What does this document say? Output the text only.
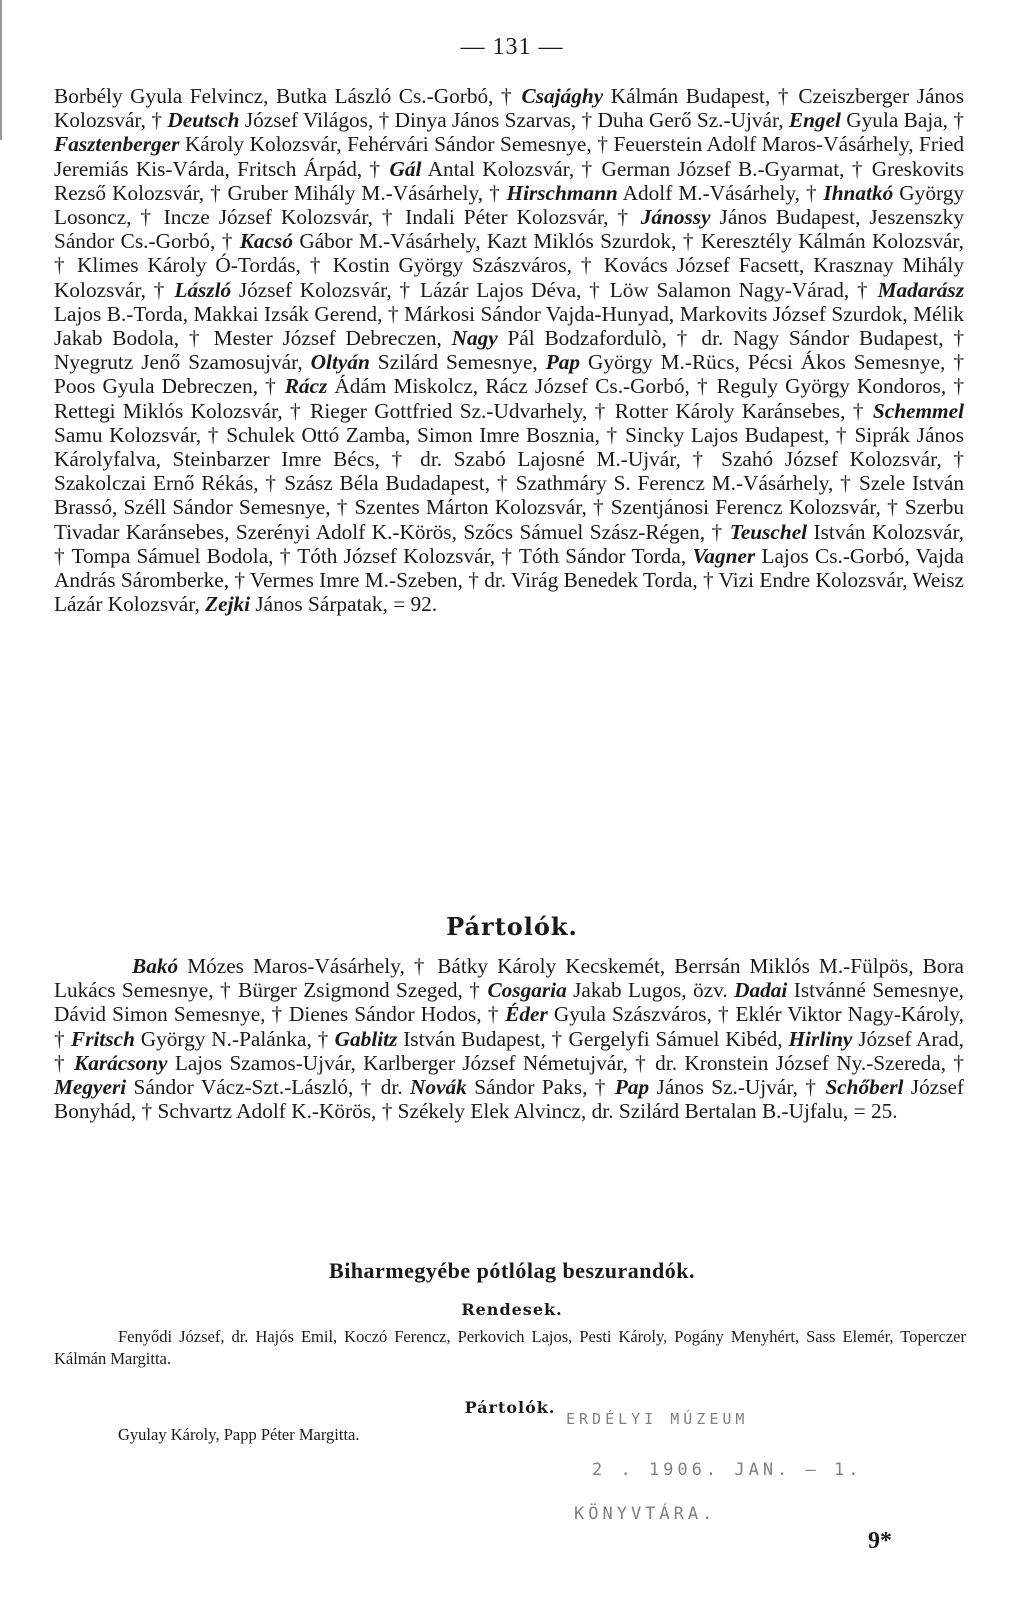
— 131 —
Borbély Gyula Felvincz, Butka László Cs.-Gorbó, † Csajághy Kálmán Budapest, † Czeiszberger János Kolozsvár, † Deutsch József Világos, † Dinya János Szarvas, † Duha Gerő Sz.-Ujvár, Engel Gyula Baja, † Fasztenberger Károly Kolozsvár, Fehérvári Sándor Semesnye, † Feuerstein Adolf Maros-Vásárhely, Fried Jeremiás Kis-Várda, Fritsch Árpád, † Gál Antal Kolozsvár, † German József B.-Gyarmat, † Greskovits Rezső Kolozsvár, † Gruber Mihály M.-Vásárhely, † Hirschmann Adolf M.-Vásárhely, † Ihnatkó György Losoncz, † Incze József Kolozsvár, † Indali Péter Kolozsvár, † Jánossy János Budapest, Jeszenszky Sándor Cs.-Gorbó, † Kacsó Gábor M.-Vásárhely, Kazt Miklós Szurdok, † Keresztély Kálmán Kolozsvár, † Klimes Károly Ó-Tordás, † Kostin György Szászváros, † Kovács József Facsett, Krasznay Mihály Kolozsvár, † László József Kolozsvár, † Lázár Lajos Déva, † Löw Salamon Nagy-Várad, † Madarász Lajos B.-Torda, Makkai Izsák Gerend, † Márkosi Sándor Vajda-Hunyad, Markovits József Szurdok, Mélik Jakab Bodola, † Mester József Debreczen, Nagy Pál Bodzafordulò, † dr. Nagy Sándor Budapest, † Nyegrutz Jenő Szamosujvár, Oltyán Szilárd Semesnye, Pap György M.-Rücs, Pécsi Ákos Semesnye, † Poos Gyula Debreczen, † Rácz Ádám Miskolcz, Rácz József Cs.-Gorbó, † Reguly György Kondoros, † Rettegi Miklós Kolozsvár, † Rieger Gottfried Sz.-Udvarhely, † Rotter Károly Karánsebes, † Schemmel Samu Kolozsvár, † Schulek Ottó Zamba, Simon Imre Bosznia, † Sincky Lajos Budapest, † Siprák János Károlyfalva, Steinbarzer Imre Bécs, † dr. Szabó Lajosné M.-Ujvár, † Szahó József Kolozsvár, † Szakolczai Ernő Rékás, † Szász Béla Budadapest, † Szathmáry S. Ferencz M.-Vásárhely, † Szele István Brassó, Széll Sándor Semesnye, † Szentes Márton Kolozsvár, † Szentjánosi Ferencz Kolozsvár, † Szerbu Tivadar Karánsebes, Szerényi Adolf K.-Körös, Szőcs Sámuel Szász-Régen, † Teuschel István Kolozsvár, † Tompa Sámuel Bodola, † Tóth József Kolozsvár, † Tóth Sándor Torda, Vagner Lajos Cs.-Gorbó, Vajda András Sáromberke, † Vermes Imre M.-Szeben, † dr. Virág Benedek Torda, † Vizi Endre Kolozsvár, Weisz Lázár Kolozsvár, Zejki János Sárpatak, = 92.
Pártolók.
Bakó Mózes Maros-Vásárhely, † Bátky Károly Kecskemét, Berrsán Miklós M.-Fülpös, Bora Lukács Semesnye, † Bürger Zsigmond Szeged, † Cosgaria Jakab Lugos, özv. Dadai Istvánné Semesnye, Dávid Simon Semesnye, † Dienes Sándor Hodos, † Éder Gyula Szászváros, † Eklér Viktor Nagy-Károly, † Fritsch György N.-Palánka, † Gablitz István Budapest, † Gergelyfi Sámuel Kibéd, Hirliny József Arad, † Karácsony Lajos Szamos-Ujvár, Karlberger József Németujvár, † dr. Kronstein József Ny.-Szereda, † Megyeri Sándor Vácz-Szt.-László, † dr. Novák Sándor Paks, † Pap János Sz.-Ujvár, † Schőberl József Bonyhád, † Schvartz Adolf K.-Körös, † Székely Elek Alvincz, dr. Szilárd Bertalan B.-Ujfalu, = 25.
Biharmegyébe pótlólag beszurandók.
Rendesek.
Fenyődi József, dr. Hajós Emil, Koczó Ferencz, Perkovich Lajos, Pesti Károly, Pogány Menyhért, Sass Elemér, Toperczer Kálmán Margitta.
Pártolók.
Gyulay Károly, Papp Péter Margitta.
ERDÉLYI MÚZEUM
2 . 1906. JAN. – 1.
KÖNYVTÁRA.
9*
